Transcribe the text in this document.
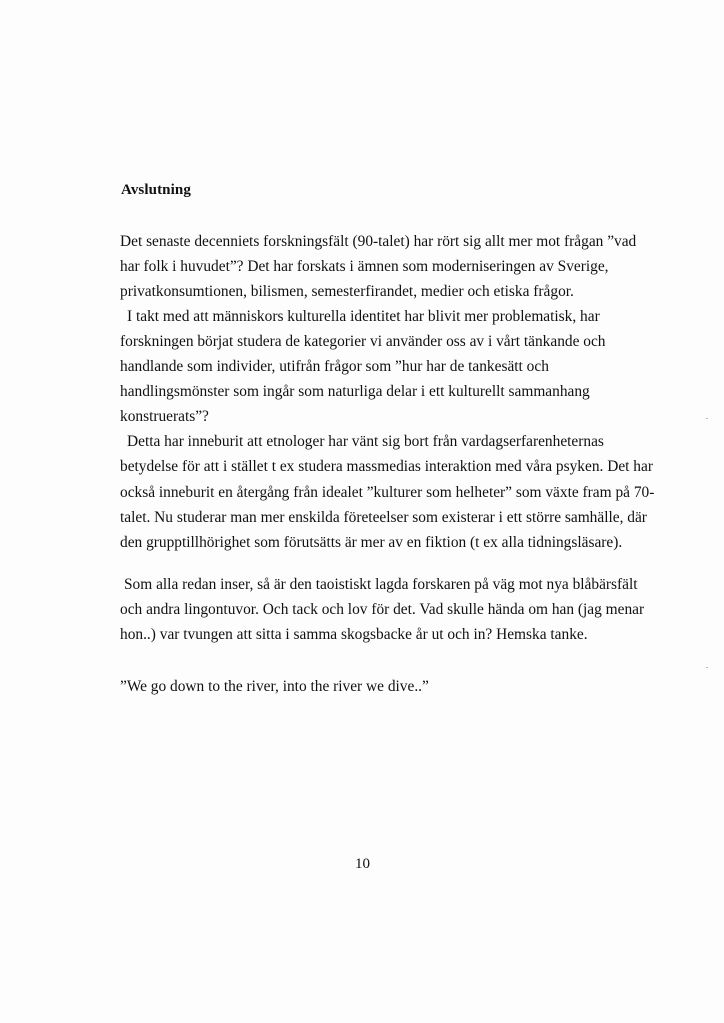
Avslutning
Det senaste decenniets forskningsfält (90-talet) har rört sig allt mer mot frågan ”vad
har folk i huvudet”? Det har forskats i ämnen som moderniseringen av Sverige,
privatkonsumtionen, bilismen, semesterfirandet, medier och etiska frågor.
I takt med att människors kulturella identitet har blivit mer problematisk, har
forskningen börjat studera de kategorier vi använder oss av i vårt tänkande och
handlande som individer, utifrån frågor som ”hur har de tankesätt och
handlingsmönster som ingår som naturliga delar i ett kulturellt sammanhang
konstruerats”?
Detta har inneburit att etnologer har vänt sig bort från vardagserfarenheternas
betydelse för att i stället t ex studera massmedias interaktion med våra psyken. Det har
också inneburit en återgång från idealet ”kulturer som helheter” som växte fram på 70-
talet. Nu studerar man mer enskilda företeelser som existerar i ett större samhälle, där
den grupptillhörighet som förutsätts är mer av en fiktion (t ex alla tidningsläsare).
Som alla redan inser, så är den taoistiskt lagda forskaren på väg mot nya blåbärsfält
och andra lingontuvor. Och tack och lov för det. Vad skulle hända om han (jag menar
hon..) var tvungen att sitta i samma skogsbacke år ut och in? Hemska tanke.
”We go down to the river, into the river we dive..”
10
